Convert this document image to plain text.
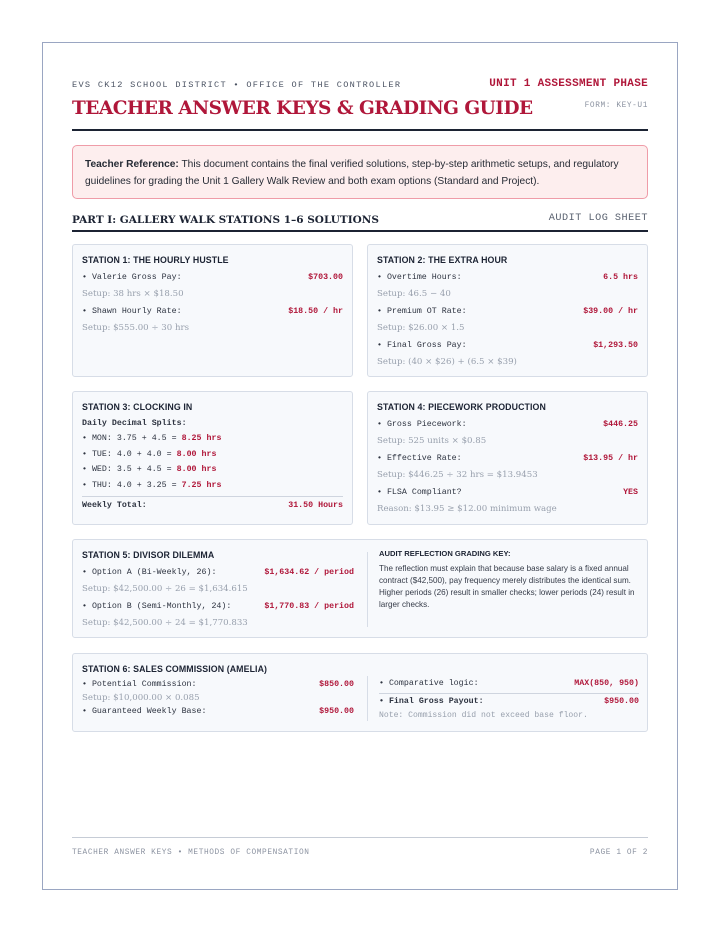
EVS CK12 SCHOOL DISTRICT • OFFICE OF THE CONTROLLER	UNIT 1 ASSESSMENT PHASE
FORM: KEY-U1
TEACHER ANSWER KEYS & GRADING GUIDE
Teacher Reference: This document contains the final verified solutions, step-by-step arithmetic setups, and regulatory guidelines for grading the Unit 1 Gallery Walk Review and both exam options (Standard and Project).
PART I: GALLERY WALK STATIONS 1–6 SOLUTIONS	AUDIT LOG SHEET
STATION 1: THE HOURLY HUSTLE
• Valerie Gross Pay:	$703.00
Setup: 38 hrs × $18.50
• Shawn Hourly Rate:	$18.50 / hr
Setup: $555.00 ÷ 30 hrs
STATION 2: THE EXTRA HOUR
• Overtime Hours:	6.5 hrs
Setup: 46.5 − 40
• Premium OT Rate:	$39.00 / hr
Setup: $26.00 × 1.5
• Final Gross Pay:	$1,293.50
Setup: (40 × $26) + (6.5 × $39)
STATION 3: CLOCKING IN
Daily Decimal Splits:
• MON: 3.75 + 4.5 = 8.25 hrs
• TUE: 4.0 + 4.0 = 8.00 hrs
• WED: 3.5 + 4.5 = 8.00 hrs
• THU: 4.0 + 3.25 = 7.25 hrs
Weekly Total:	31.50 Hours
STATION 4: PIECEWORK PRODUCTION
• Gross Piecework:	$446.25
Setup: 525 units × $0.85
• Effective Rate:	$13.95 / hr
Setup: $446.25 ÷ 32 hrs = $13.9453
• FLSA Compliant?	YES
Reason: $13.95 ≥ $12.00 minimum wage
STATION 5: DIVISOR DILEMMA
• Option A (Bi-Weekly, 26):	$1,634.62 / period
Setup: $42,500.00 ÷ 26 = $1,634.615
• Option B (Semi-Monthly, 24):	$1,770.83 / period
Setup: $42,500.00 ÷ 24 = $1,770.833
AUDIT REFLECTION GRADING KEY:
The reflection must explain that because base salary is a fixed annual contract ($42,500), pay frequency merely distributes the identical sum. Higher periods (26) result in smaller checks; lower periods (24) result in larger checks.
STATION 6: SALES COMMISSION (AMELIA)
• Potential Commission:	$850.00
Setup: $10,000.00 × 0.085
• Guaranteed Weekly Base:	$950.00
• Comparative logic:	MAX(850, 950)
• Final Gross Payout:	$950.00
Note: Commission did not exceed base floor.
TEACHER ANSWER KEYS • METHODS OF COMPENSATION	PAGE 1 OF 2
